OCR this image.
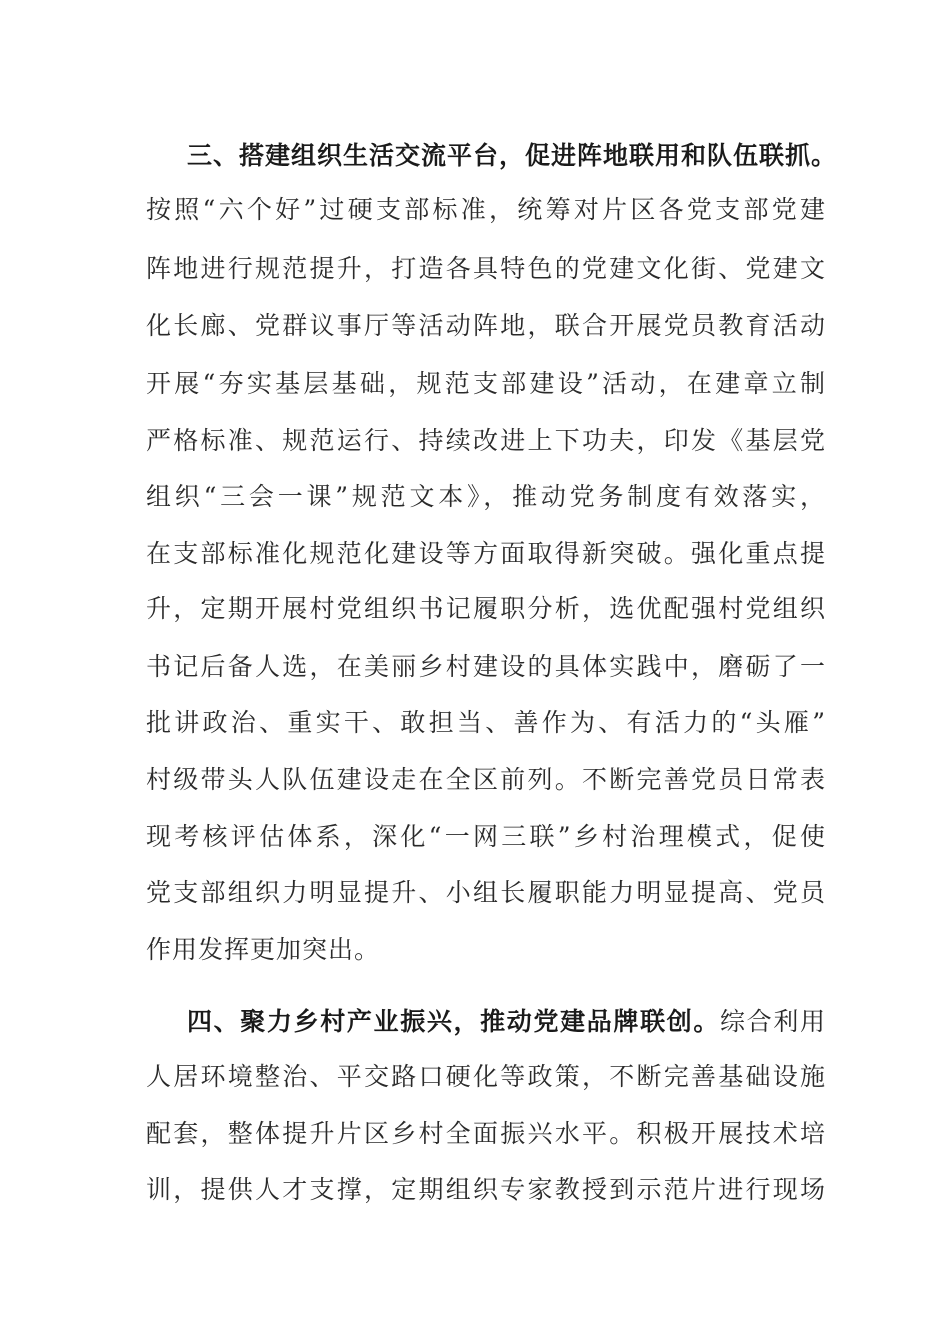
三、搭建组织生活交流平台，促进阵地联用和队伍联抓。
按照“六个好”过硬支部标准，统筹对片区各党支部党建
阵地进行规范提升，打造各具特色的党建文化街、党建文
化长廊、党群议事厅等活动阵地，联合开展党员教育活动
开展“夯实基层基础，规范支部建设”活动，在建章立制
严格标准、规范运行、持续改进上下功夫，印发《基层党
组织“三会一课”规范文本》，推动党务制度有效落实，
在支部标准化规范化建设等方面取得新突破。强化重点提
升，定期开展村党组织书记履职分析，选优配强村党组织
书记后备人选，在美丽乡村建设的具体实践中，磨砺了一
批讲政治、重实干、敢担当、善作为、有活力的“头雁”
村级带头人队伍建设走在全区前列。不断完善党员日常表
现考核评估体系，深化“一网三联”乡村治理模式，促使
党支部组织力明显提升、小组长履职能力明显提高、党员
作用发挥更加突出。
四、聚力乡村产业振兴，推动党建品牌联创。综合利用
人居环境整治、平交路口硬化等政策，不断完善基础设施
配套，整体提升片区乡村全面振兴水平。积极开展技术培
训，提供人才支撑，定期组织专家教授到示范片进行现场
